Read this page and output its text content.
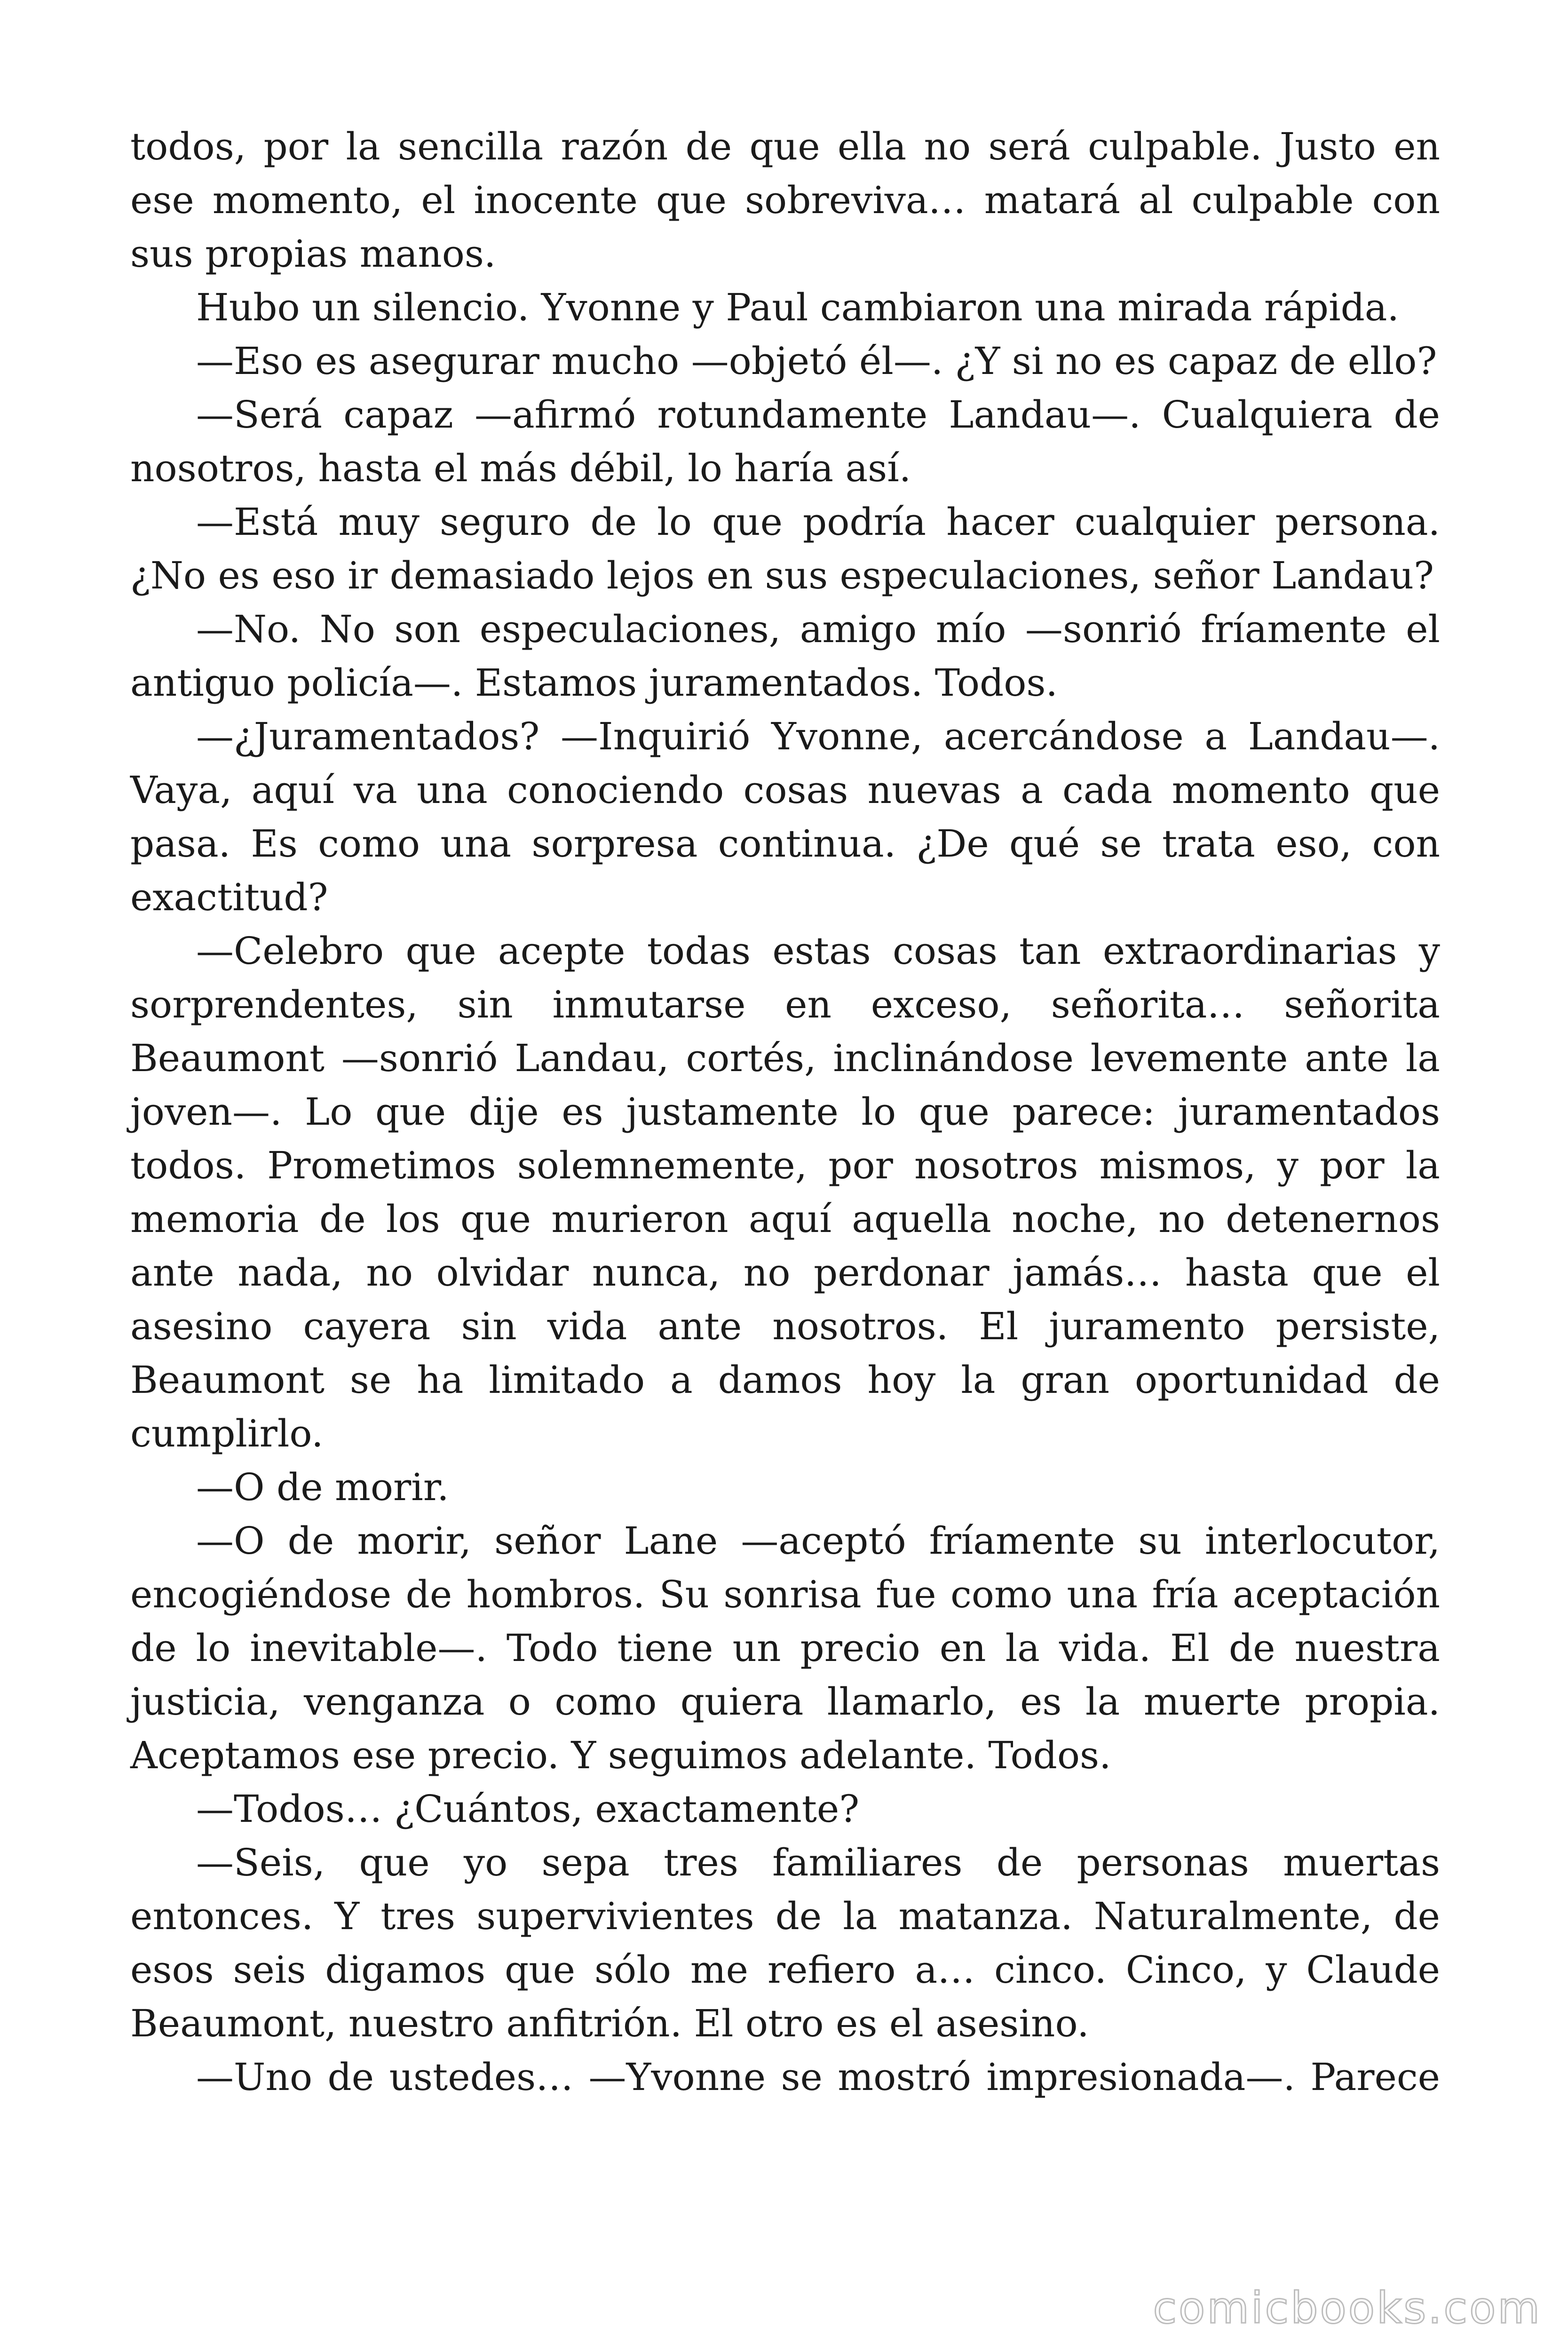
todos, por la sencilla razón de que ella no será culpable. Justo en ese momento, el inocente que sobreviva… matará al culpable con sus propias manos.

Hubo un silencio. Yvonne y Paul cambiaron una mirada rápida.

—Eso es asegurar mucho —objetó él—. ¿Y si no es capaz de ello?

—Será capaz —afirmó rotundamente Landau—. Cualquiera de nosotros, hasta el más débil, lo haría así.

—Está muy seguro de lo que podría hacer cualquier persona. ¿No es eso ir demasiado lejos en sus especulaciones, señor Landau?

—No. No son especulaciones, amigo mío —sonrió fríamente el antiguo policía—. Estamos juramentados. Todos.

—¿Juramentados? —Inquirió Yvonne, acercándose a Landau—. Vaya, aquí va una conociendo cosas nuevas a cada momento que pasa. Es como una sorpresa continua. ¿De qué se trata eso, con exactitud?

—Celebro que acepte todas estas cosas tan extraordinarias y sorprendentes, sin inmutarse en exceso, señorita… señorita Beaumont —sonrió Landau, cortés, inclinándose levemente ante la joven—. Lo que dije es justamente lo que parece: juramentados todos. Prometimos solemnemente, por nosotros mismos, y por la memoria de los que murieron aquí aquella noche, no detenernos ante nada, no olvidar nunca, no perdonar jamás… hasta que el asesino cayera sin vida ante nosotros. El juramento persiste, Beaumont se ha limitado a damos hoy la gran oportunidad de cumplirlo.

—O de morir.

—O de morir, señor Lane —aceptó fríamente su interlocutor, encogiéndose de hombros. Su sonrisa fue como una fría aceptación de lo inevitable—. Todo tiene un precio en la vida. El de nuestra justicia, venganza o como quiera llamarlo, es la muerte propia. Aceptamos ese precio. Y seguimos adelante. Todos.

—Todos… ¿Cuántos, exactamente?

—Seis, que yo sepa tres familiares de personas muertas entonces. Y tres supervivientes de la matanza. Naturalmente, de esos seis digamos que sólo me refiero a… cinco. Cinco, y Claude Beaumont, nuestro anfitrión. El otro es el asesino.

—Uno de ustedes… —Yvonne se mostró impresionada—. Parece

comicbooks.com
